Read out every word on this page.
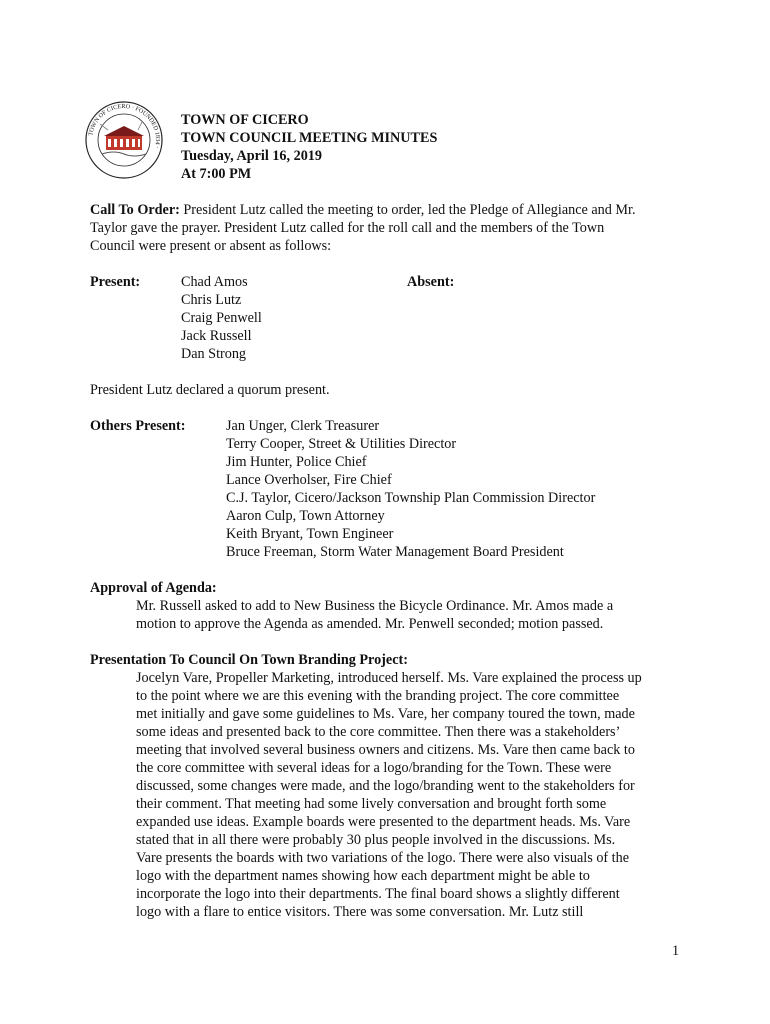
TOWN OF CICERO · FOUNDED 1834 ·
TOWN OF CICERO
TOWN COUNCIL MEETING MINUTES
Tuesday, April 16, 2019
At 7:00 PM
Call To Order: President Lutz called the meeting to order, led the Pledge of Allegiance and Mr.
Taylor gave the prayer. President Lutz called for the roll call and the members of the Town
Council were present or absent as follows:
Present:	Chad Amos
Chris Lutz
Craig Penwell
Jack Russell
Dan Strong
Absent:

President Lutz declared a quorum present.

Others Present:	Jan Unger, Clerk Treasurer
Terry Cooper, Street & Utilities Director
Jim Hunter, Police Chief
Lance Overholser, Fire Chief
C.J. Taylor, Cicero/Jackson Township Plan Commission Director
Aaron Culp, Town Attorney
Keith Bryant, Town Engineer
Bruce Freeman, Storm Water Management Board President
Approval of Agenda:
Mr. Russell asked to add to New Business the Bicycle Ordinance. Mr. Amos made a
motion to approve the Agenda as amended. Mr. Penwell seconded; motion passed.
Presentation To Council On Town Branding Project:
Jocelyn Vare, Propeller Marketing, introduced herself. Ms. Vare explained the process up
to the point where we are this evening with the branding project. The core committee
met initially and gave some guidelines to Ms. Vare, her company toured the town, made
some ideas and presented back to the core committee. Then there was a stakeholders’
meeting that involved several business owners and citizens. Ms. Vare then came back to
the core committee with several ideas for a logo/branding for the Town. These were
discussed, some changes were made, and the logo/branding went to the stakeholders for
their comment. That meeting had some lively conversation and brought forth some
expanded use ideas. Example boards were presented to the department heads. Ms. Vare
stated that in all there were probably 30 plus people involved in the discussions. Ms.
Vare presents the boards with two variations of the logo. There were also visuals of the
logo with the department names showing how each department might be able to
incorporate the logo into their departments. The final board shows a slightly different
logo with a flare to entice visitors. There was some conversation. Mr. Lutz still
1
